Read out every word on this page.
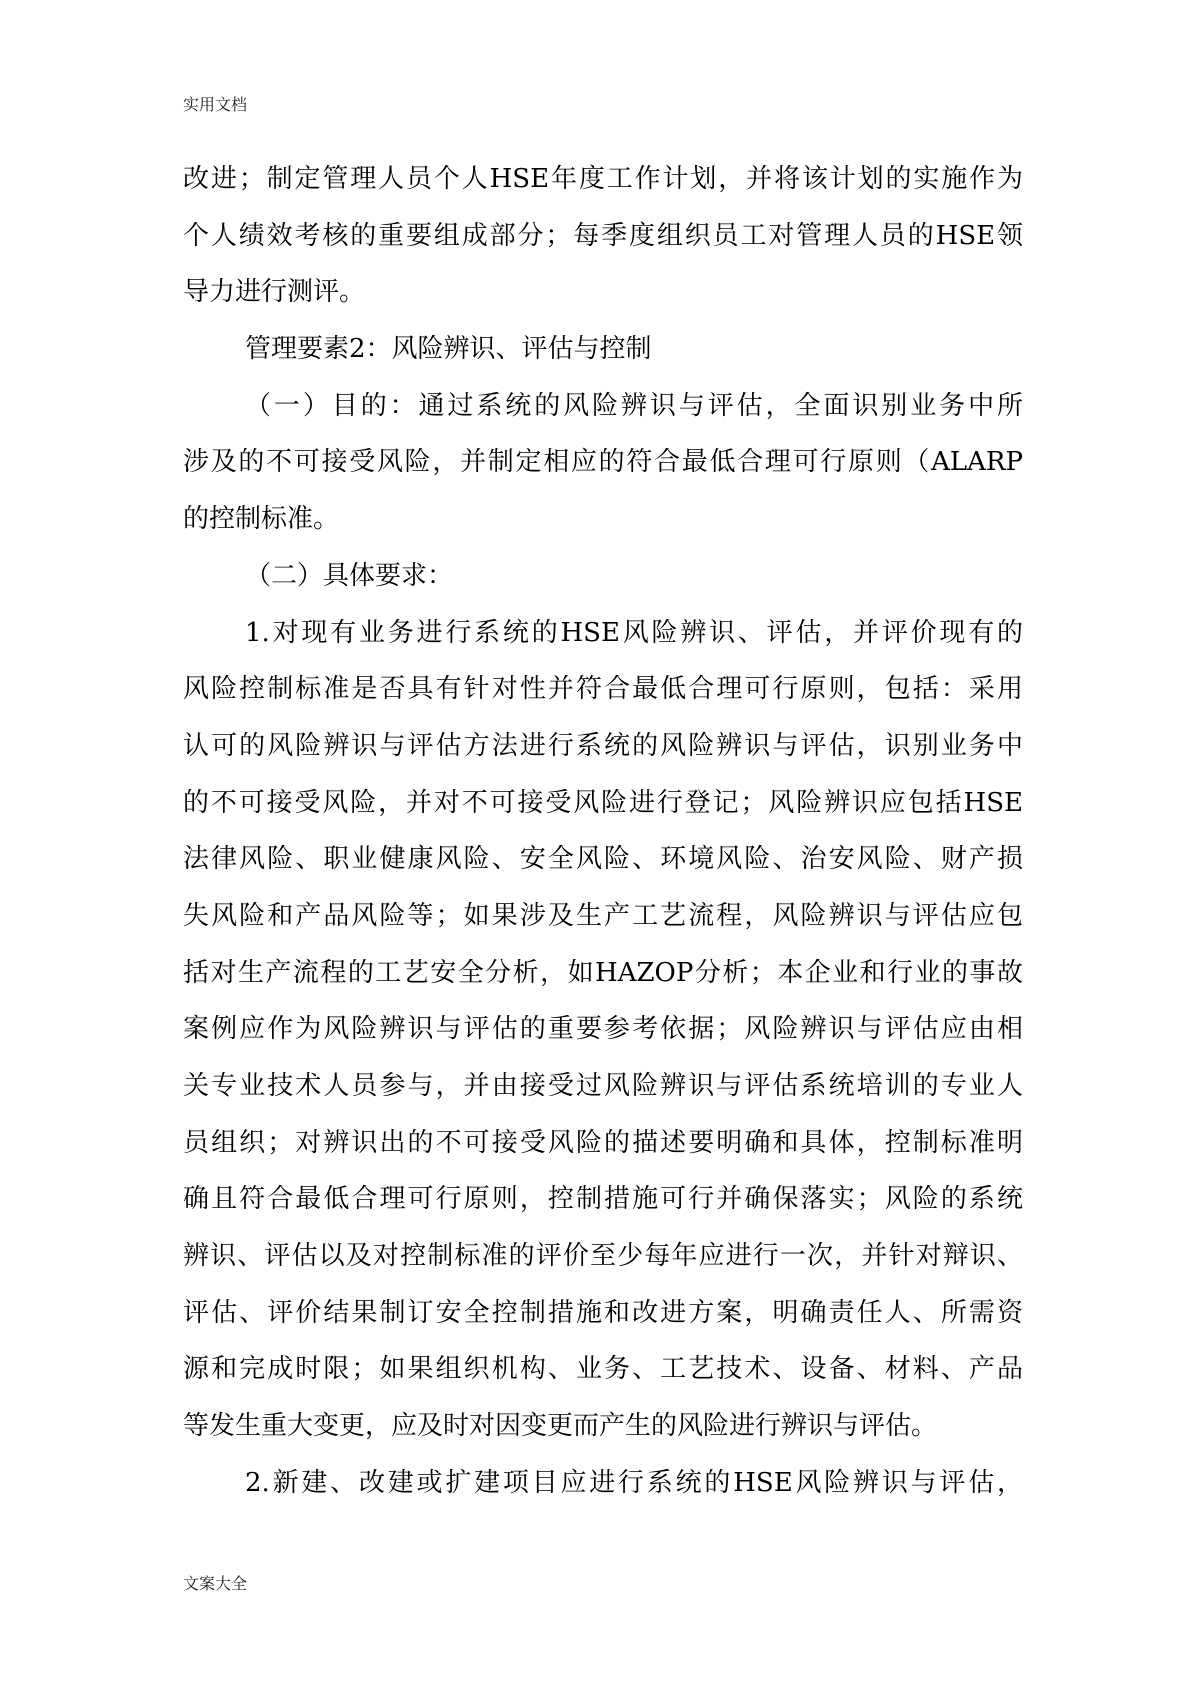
实用文档
改进；制定管理人员个人HSE年度工作计划，并将该计划的实施作为
个人绩效考核的重要组成部分；每季度组织员工对管理人员的HSE领
导力进行测评。
管理要素2：风险辨识、评估与控制
（一）目的：通过系统的风险辨识与评估，全面识别业务中所
涉及的不可接受风险，并制定相应的符合最低合理可行原则（ALARP
的控制标准。
（二）具体要求：
1.对现有业务进行系统的HSE风险辨识、评估，并评价现有的
风险控制标准是否具有针对性并符合最低合理可行原则，包括：采用
认可的风险辨识与评估方法进行系统的风险辨识与评估，识别业务中
的不可接受风险，并对不可接受风险进行登记；风险辨识应包括HSE
法律风险、职业健康风险、安全风险、环境风险、治安风险、财产损
失风险和产品风险等；如果涉及生产工艺流程，风险辨识与评估应包
括对生产流程的工艺安全分析，如HAZOP分析；本企业和行业的事故
案例应作为风险辨识与评估的重要参考依据；风险辨识与评估应由相
关专业技术人员参与，并由接受过风险辨识与评估系统培训的专业人
员组织；对辨识出的不可接受风险的描述要明确和具体，控制标准明
确且符合最低合理可行原则，控制措施可行并确保落实；风险的系统
辨识、评估以及对控制标准的评价至少每年应进行一次，并针对辩识、
评估、评价结果制订安全控制措施和改进方案，明确责任人、所需资
源和完成时限；如果组织机构、业务、工艺技术、设备、材料、产品
等发生重大变更，应及时对因变更而产生的风险进行辨识与评估。
2.新建、改建或扩建项目应进行系统的HSE风险辨识与评估，
文案大全
